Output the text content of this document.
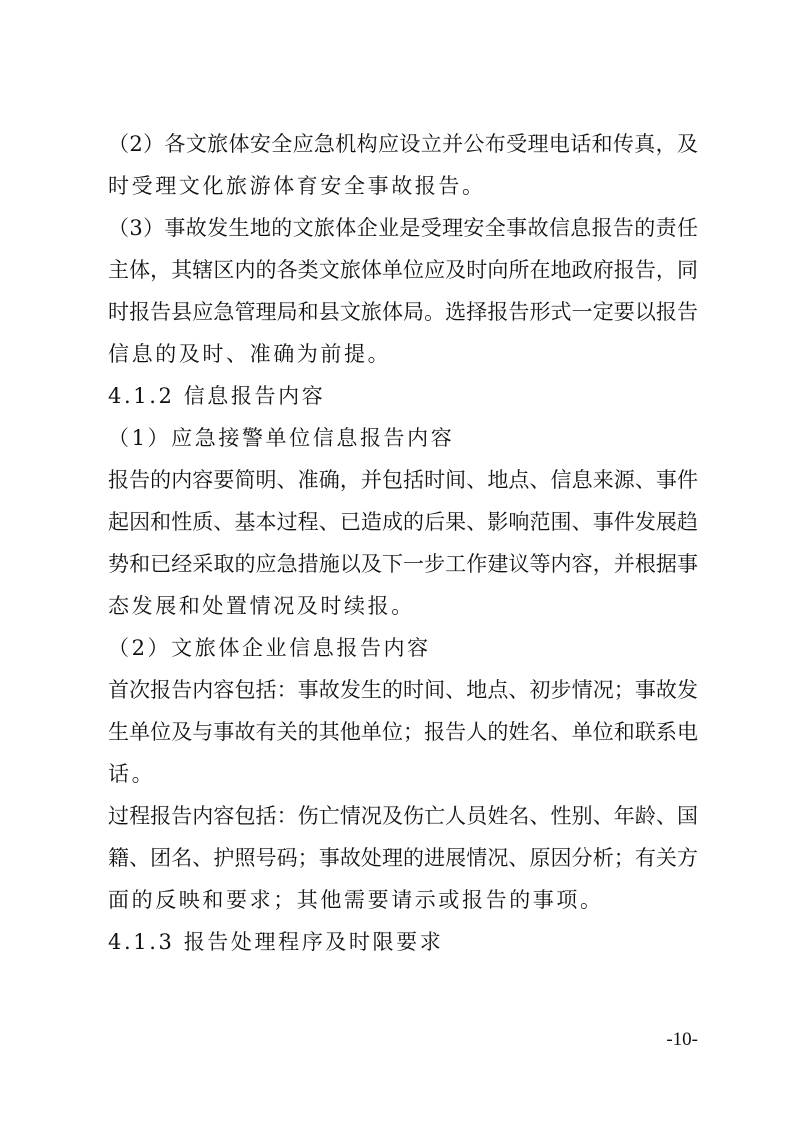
（2）各文旅体安全应急机构应设立并公布受理电话和传真，及
时受理文化旅游体育安全事故报告。
（3）事故发生地的文旅体企业是受理安全事故信息报告的责任
主体，其辖区内的各类文旅体单位应及时向所在地政府报告，同
时报告县应急管理局和县文旅体局。选择报告形式一定要以报告
信息的及时、准确为前提。
4.1.2 信息报告内容
（1）应急接警单位信息报告内容
报告的内容要简明、准确，并包括时间、地点、信息来源、事件
起因和性质、基本过程、已造成的后果、影响范围、事件发展趋
势和已经采取的应急措施以及下一步工作建议等内容，并根据事
态发展和处置情况及时续报。
（2）文旅体企业信息报告内容
首次报告内容包括：事故发生的时间、地点、初步情况；事故发
生单位及与事故有关的其他单位；报告人的姓名、单位和联系电
话。
过程报告内容包括：伤亡情况及伤亡人员姓名、性别、年龄、国
籍、团名、护照号码；事故处理的进展情况、原因分析；有关方
面的反映和要求；其他需要请示或报告的事项。
4.1.3 报告处理程序及时限要求
-10-
